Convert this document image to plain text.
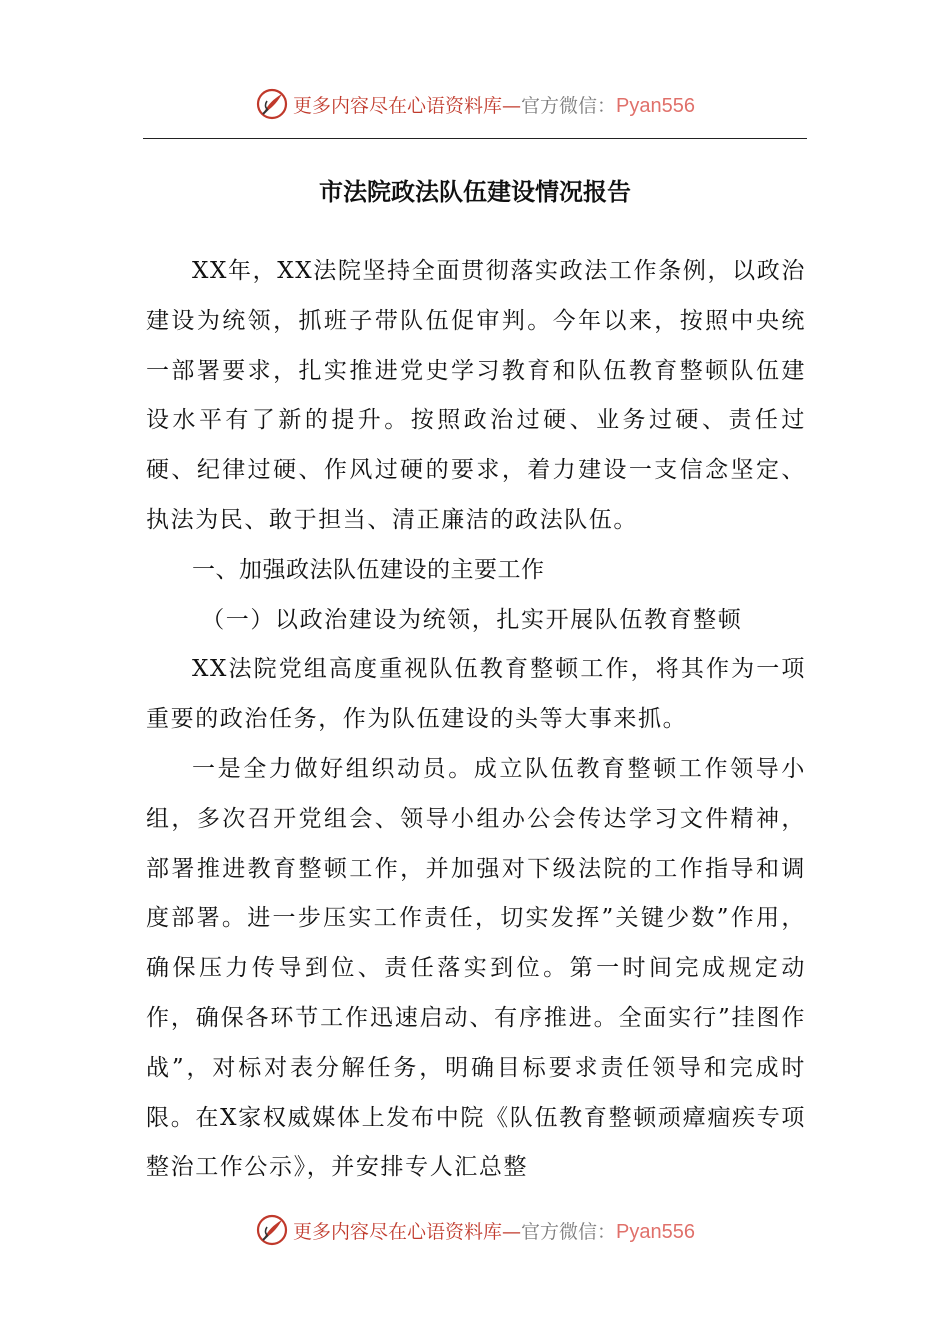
更多内容尽在心语资料库—官方微信：Pyan556
市法院政法队伍建设情况报告

XX年，XX法院坚持全面贯彻落实政法工作条例，以政治建设为统领，抓班子带队伍促审判。今年以来，按照中央统一部署要求，扎实推进党史学习教育和队伍教育整顿队伍建设水平有了新的提升。按照政治过硬、业务过硬、责任过硬、纪律过硬、作风过硬的要求，着力建设一支信念坚定、执法为民、敢于担当、清正廉洁的政法队伍。

一、加强政法队伍建设的主要工作

（一）以政治建设为统领，扎实开展队伍教育整顿

XX法院党组高度重视队伍教育整顿工作，将其作为一项重要的政治任务，作为队伍建设的头等大事来抓。

一是全力做好组织动员。成立队伍教育整顿工作领导小组，多次召开党组会、领导小组办公会传达学习文件精神，部署推进教育整顿工作，并加强对下级法院的工作指导和调度部署。进一步压实工作责任，切实发挥”关键少数”作用，确保压力传导到位、责任落实到位。第一时间完成规定动作，确保各环节工作迅速启动、有序推进。全面实行”挂图作战”，对标对表分解任务，明确目标要求责任领导和完成时限。在X家权威媒体上发布中院《队伍教育整顿顽瘴痼疾专项整治工作公示》，并安排专人汇总整

更多内容尽在心语资料库—官方微信：Pyan556
